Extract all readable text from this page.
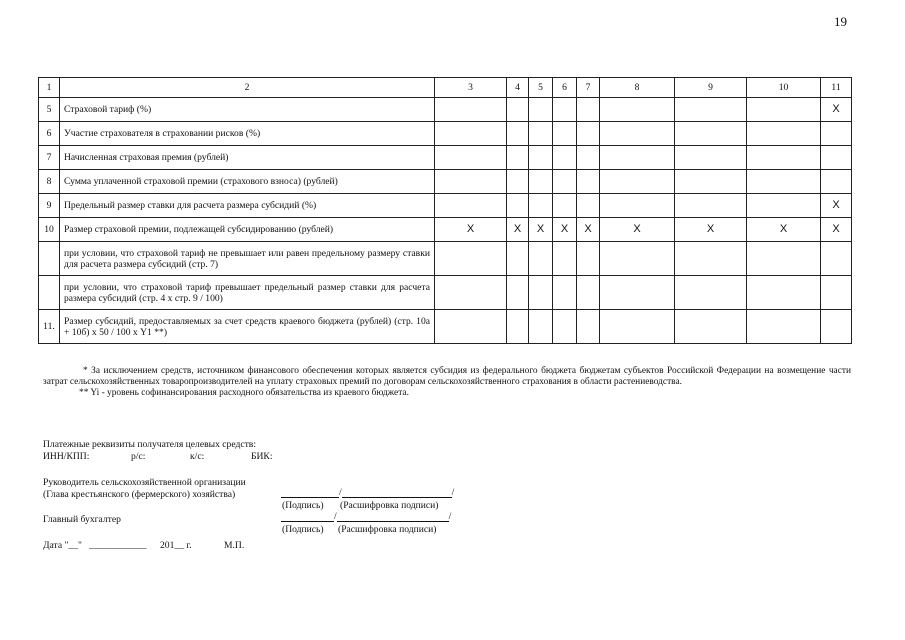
19
1	2	3	4	5	6	7	8	9	10	11
5	Страховой тариф (%)									X
6	Участие страхователя в страховании рисков (%)									
7	Начисленная страховая премия (рублей)									
8	Сумма уплаченной страховой премии (страхового взноса) (рублей)									
9	Предельный размер ставки для расчета размера субсидий (%)									X
10	Размер страховой премии, подлежащей субсидированию (рублей)	X	X	X	X	X	X	X	X	X
	при условии, что страховой тариф не превышает или равен предельному размеру ставки для расчета размера субсидий (стр. 7)									
	при условии, что страховой тариф превышает предельный размер ставки для расчета размера субсидий (стр. 4 х стр. 9 / 100)									
11.	Размер субсидий, предоставляемых за счет средств краевого бюджета (рублей) (стр. 10а + 10б) х 50 / 100 х Y1 **)									
* За исключением средств, источником финансового обеспечения которых является субсидия из федерального бюджета бюджетам субъектов Российской Федерации на возмещение части затрат сельскохозяйственных товаропроизводителей на уплату страховых премий по договорам сельскохозяйственного страхования в области растениеводства.
** Yi - уровень софинансирования расходного обязательства из краевого бюджета.
Платежные реквизиты получателя целевых средств:
ИНН/КПП:	р/с:	к/с:	БИК:
Руководитель сельскохозяйственной организации
(Глава крестьянского (фермерского) хозяйства)	/	/
(Подпись) (Расшифровка подписи)
Главный бухгалтер	/	/
(Подпись) (Расшифровка подписи)
Дата "__" ____________ 201__ г.	М.П.
